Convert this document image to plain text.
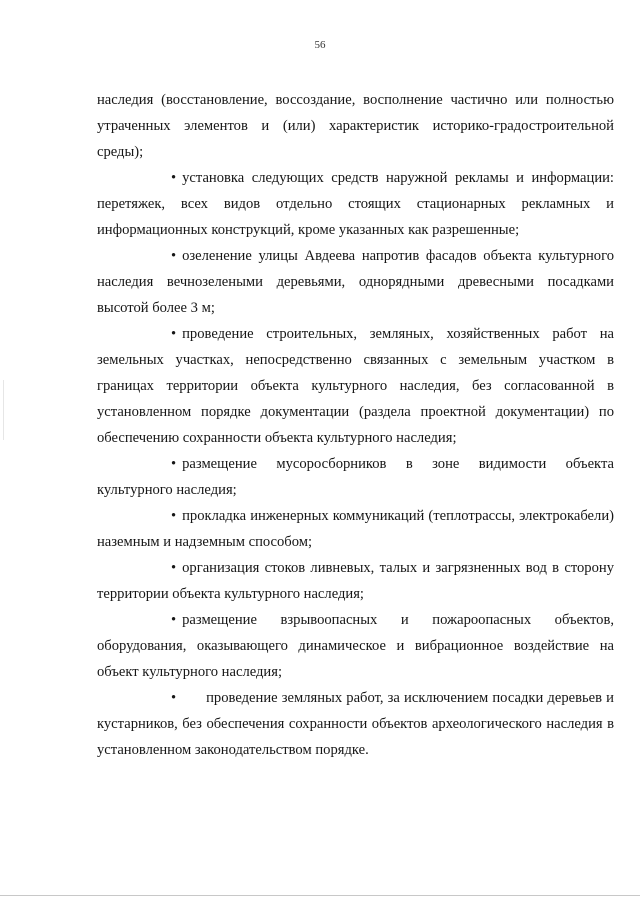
56

наследия (восстановление, воссоздание, восполнение частично или полностью утраченных элементов и (или) характеристик историко-градостроительной среды);

• установка следующих средств наружной рекламы и информации: перетяжек, всех видов отдельно стоящих стационарных рекламных и информационных конструкций, кроме указанных как разрешенные;

• озеленение улицы Авдеева напротив фасадов объекта культурного наследия вечнозелеными деревьями, однорядными древесными посадками высотой более 3 м;

• проведение строительных, земляных, хозяйственных работ на земельных участках, непосредственно связанных с земельным участком в границах территории объекта культурного наследия, без согласованной в установленном порядке документации (раздела проектной документации) по обеспечению сохранности объекта культурного наследия;

• размещение мусоросборников в зоне видимости объекта культурного наследия;

• прокладка инженерных коммуникаций (теплотрассы, электрокабели) наземным и надземным способом;

• организация стоков ливневых, талых и загрязненных вод в сторону территории объекта культурного наследия;

• размещение взрывоопасных и пожароопасных объектов, оборудования, оказывающего динамическое и вибрационное воздействие на объект культурного наследия;

• проведение земляных работ, за исключением посадки деревьев и кустарников, без обеспечения сохранности объектов археологического наследия в установленном законодательством порядке.
